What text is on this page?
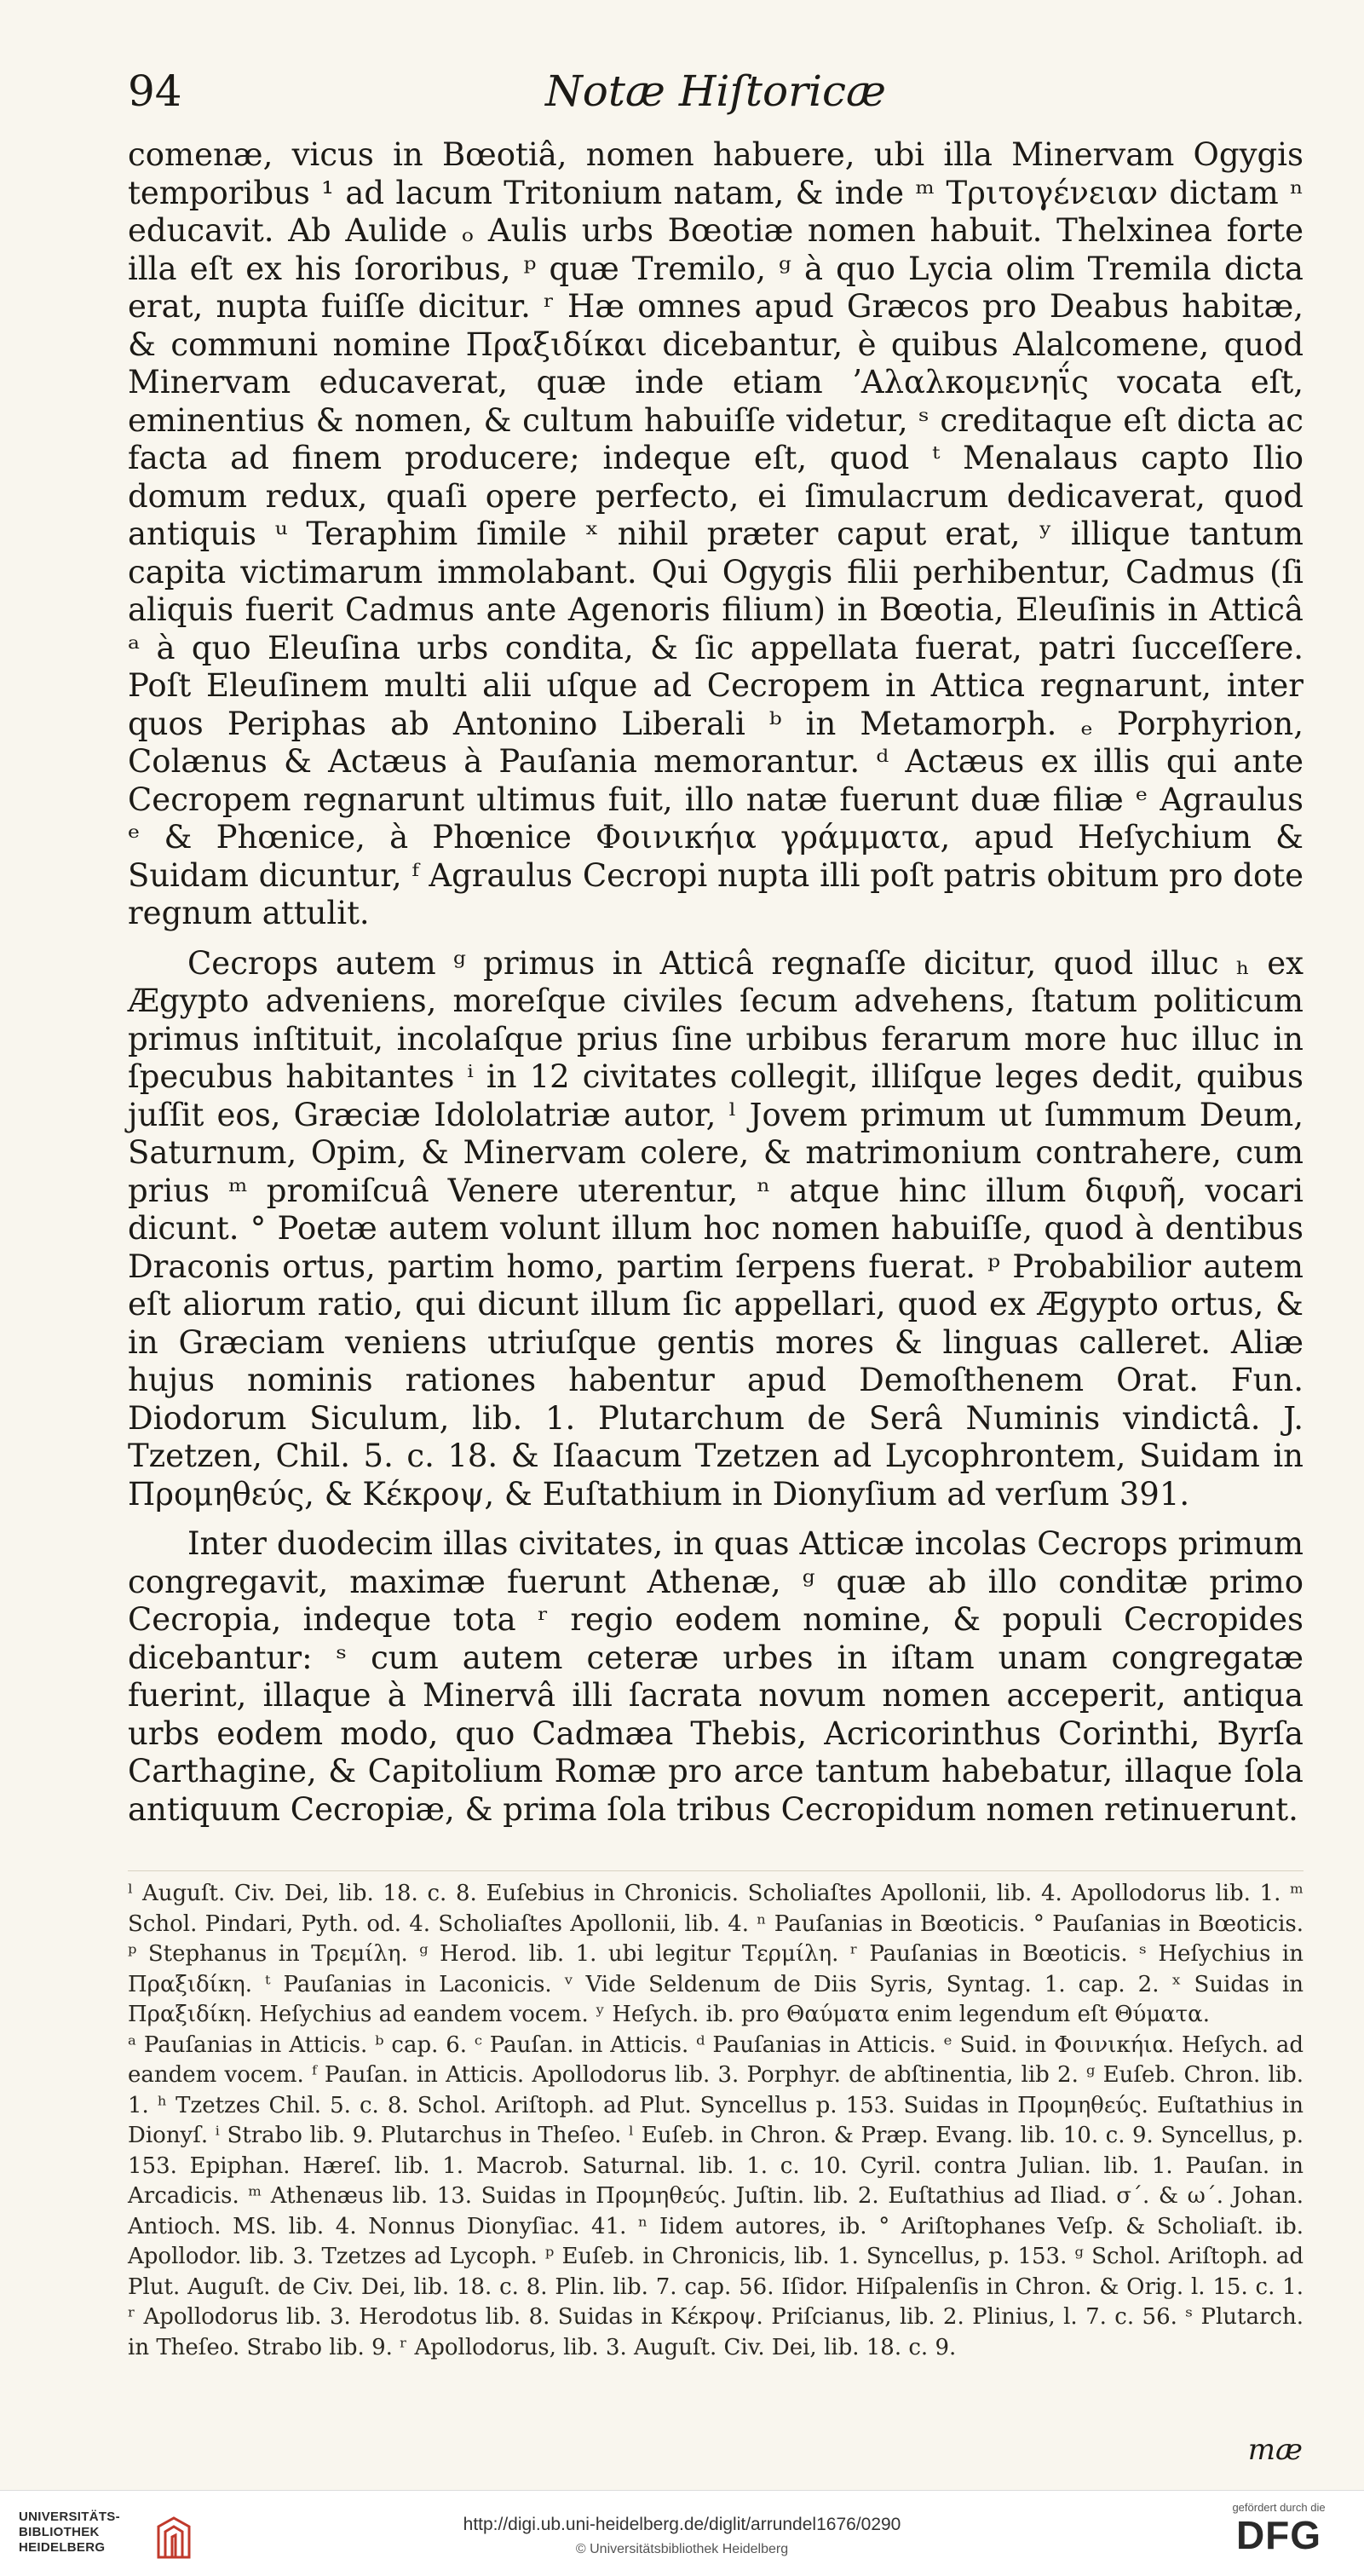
94	Notæ Hiſtoricæ

comenæ, vicus in Bœotiâ, nomen habuere, ubi illa Minervam Ogygis temporibus ¹ ad lacum Tritonium natam, & inde ᵐ Τριτογένειαν dictam ⁿ educavit. Ab Aulide ₒ Aulis urbs Bœotiæ nomen habuit. Thelxinea forte illa eſt ex his ſororibus, ᵖ quæ Tremilo, ᵍ à quo Lycia olim Tremila dicta erat, nupta fuiſſe dicitur. ʳ Hæ omnes apud Græcos pro Deabus habitæ, & communi nomine Πραξιδίκαι dicebantur, è quibus Alalcomene, quod Minervam educaverat, quæ inde etiam ʼΑλαλκομενηΐς vocata eſt, eminentius & nomen, & cultum habuiſſe videtur, ˢ creditaque eſt dicta ac facta ad finem producere; indeque eſt, quod ᵗ Menalaus capto Ilio domum redux, quaſi opere perfecto, ei ſimulacrum dedicaverat, quod antiquis ᵘ Teraphim ſimile ˣ nihil præter caput erat, ʸ illique tantum capita victimarum immolabant. Qui Ogygis filii perhibentur, Cadmus (ſi aliquis fuerit Cadmus ante Agenoris filium) in Bœotia, Eleuſinis in Atticâ ᵃ à quo Eleuſina urbs condita, & ſic appellata fuerat, patri ſucceſſere. Poſt Eleuſinem multi alii uſque ad Cecropem in Attica regnarunt, inter quos Periphas ab Antonino Liberali ᵇ in Metamorph. ₑ Porphyrion, Colænus & Actæus à Pauſania memorantur. ᵈ Actæus ex illis qui ante Cecropem regnarunt ultimus fuit, illo natæ fuerunt duæ filiæ ᵉ Agraulus ᵉ & Phœnice, à Phœnice Φοινικήια γράμματα, apud Heſychium & Suidam dicuntur, ᶠ Agraulus Cecropi nupta illi poſt patris obitum pro dote regnum attulit.

Cecrops autem ᵍ primus in Atticâ regnaſſe dicitur, quod illuc ₕ ex Ægypto adveniens, moreſque civiles ſecum advehens, ſtatum politicum primus inſtituit, incolaſque prius ſine urbibus ferarum more huc illuc in ſpecubus habitantes ⁱ in 12 civitates collegit, illiſque leges dedit, quibus juſſit eos, Græciæ Idololatriæ autor, ˡ Jovem primum ut ſummum Deum, Saturnum, Opim, & Minervam colere, & matrimonium contrahere, cum prius ᵐ promiſcuâ Venere uterentur, ⁿ atque hinc illum διφυῆ, vocari dicunt. ° Poetæ autem volunt illum hoc nomen habuiſſe, quod à dentibus Draconis ortus, partim homo, partim ſerpens fuerat. ᵖ Probabilior autem eſt aliorum ratio, qui dicunt illum ſic appellari, quod ex Ægypto ortus, & in Græciam veniens utriuſque gentis mores & linguas calleret. Aliæ hujus nominis rationes habentur apud Demoſthenem Orat. Fun. Diodorum Siculum, lib. 1. Plutarchum de Serâ Numinis vindictâ. J. Tzetzen, Chil. 5. c. 18. & Iſaacum Tzetzen ad Lycophrontem, Suidam in Προμηθεύς, & Κέκροψ, & Euſtathium in Dionyſium ad verſum 391.

Inter duodecim illas civitates, in quas Atticæ incolas Cecrops primum congregavit, maximæ fuerunt Athenæ, ᵍ quæ ab illo conditæ primo Cecropia, indeque tota ʳ regio eodem nomine, & populi Cecropides dicebantur: ˢ cum autem ceteræ urbes in iſtam unam congregatæ fuerint, illaque à Minervâ illi ſacrata novum nomen acceperit, antiqua urbs eodem modo, quo Cadmæa Thebis, Acricorinthus Corinthi, Byrſa Carthagine, & Capitolium Romæ pro arce tantum habebatur, illaque ſola antiquum Cecropiæ, & prima ſola tribus Cecropidum nomen retinuerunt.

ˡ Auguſt. Civ. Dei, lib. 18. c. 8. Euſebius in Chronicis. Scholiaſtes Apollonii, lib. 4. Apollodorus lib. 1. ᵐ Schol. Pindari, Pyth. od. 4. Scholiaſtes Apollonii, lib. 4. ⁿ Pauſanias in Bœoticis. ° Pauſanias in Bœoticis. ᵖ Stephanus in Τρεμίλη. ᵍ Herod. lib. 1. ubi legitur Τερμίλη. ʳ Pauſanias in Bœoticis. ˢ Heſychius in Πραξιδίκη. ᵗ Pauſanias in Laconicis. ᵛ Vide Seldenum de Diis Syris, Syntag. 1. cap. 2. ˣ Suidas in Πραξιδίκη. Heſychius ad eandem vocem. ʸ Heſych. ib. pro Θαύματα enim legendum eſt Θύματα.

ᵃ Pauſanias in Atticis. ᵇ cap. 6. ᶜ Pauſan. in Atticis. ᵈ Pauſanias in Atticis. ᵉ Suid. in Φοινικήια. Heſych. ad eandem vocem. ᶠ Pauſan. in Atticis. Apollodorus lib. 3. Porphyr. de abſtinentia, lib 2. ᵍ Euſeb. Chron. lib. 1. ʰ Tzetzes Chil. 5. c. 8. Schol. Ariſtoph. ad Plut. Syncellus p. 153. Suidas in Προμηθεύς. Euſtathius in Dionyſ. ⁱ Strabo lib. 9. Plutarchus in Theſeo. ˡ Euſeb. in Chron. & Præp. Evang. lib. 10. c. 9. Syncellus, p. 153. Epiphan. Hæreſ. lib. 1. Macrob. Saturnal. lib. 1. c. 10. Cyril. contra Julian. lib. 1. Pauſan. in Arcadicis. ᵐ Athenæus lib. 13. Suidas in Προμηθεύς. Juſtin. lib. 2. Euſtathius ad Iliad. σ´. & ω´. Johan. Antioch. MS. lib. 4. Nonnus Dionyſiac. 41. ⁿ Iidem autores, ib. ° Ariſtophanes Veſp. & Scholiaſt. ib. Apollodor. lib. 3. Tzetzes ad Lycoph. ᵖ Euſeb. in Chronicis, lib. 1. Syncellus, p. 153. ᵍ Schol. Ariſtoph. ad Plut. Auguſt. de Civ. Dei, lib. 18. c. 8. Plin. lib. 7. cap. 56. Iſidor. Hiſpalenſis in Chron. & Orig. l. 15. c. 1. ʳ Apollodorus lib. 3. Herodotus lib. 8. Suidas in Κέκροψ. Priſcianus, lib. 2. Plinius, l. 7. c. 56. ˢ Plutarch. in Theſeo. Strabo lib. 9. ʳ Apollodorus, lib. 3. Auguſt. Civ. Dei, lib. 18. c. 9.

mæ
UNIVERSITÄTS-
BIBLIOTHEK
HEIDELBERG
http://digi.ub.uni-heidelberg.de/diglit/arrundel1676/0290
© Universitätsbibliothek Heidelberg
gefördert durch die
DFG
